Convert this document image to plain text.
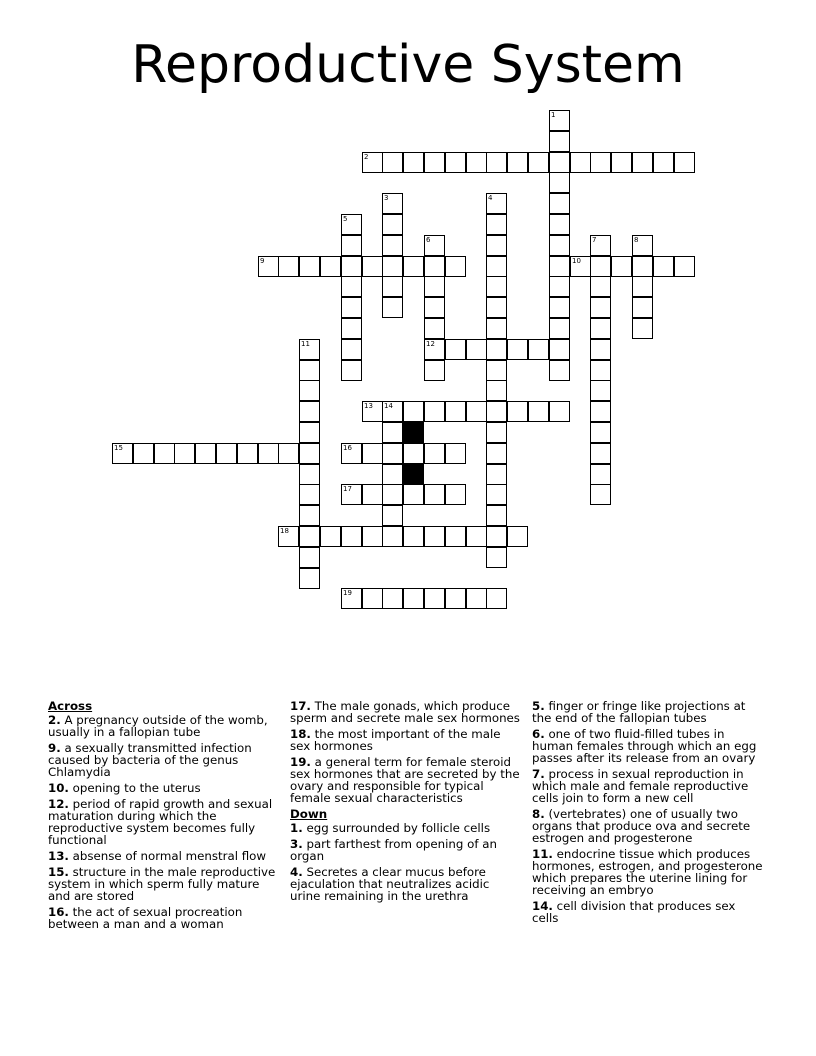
Reproductive System
1
2
3	4
5
6
12
7	8
9	10
11
13 14
15	16
17
18
19
Across
2. A pregnancy outside of the womb, usually in a fallopian tube
9. a sexually transmitted infection caused by bacteria of the genus Chlamydia
10. opening to the uterus
12. period of rapid growth and sexual maturation during which the reproductive system becomes fully functional
13. absense of normal menstral flow
15. structure in the male reproductive system in which sperm fully mature and are stored
16. the act of sexual procreation between a man and a woman
17. The male gonads, which produce sperm and secrete male sex hormones
18. the most important of the male sex hormones
19. a general term for female steroid sex hormones that are secreted by the ovary and responsible for typical female sexual characteristics
Down
1. egg surrounded by follicle cells
3. part farthest from opening of an organ
4. Secretes a clear mucus before ejaculation that neutralizes acidic urine remaining in the urethra
5. finger or fringe like projections at the end of the fallopian tubes
6. one of two fluid-filled tubes in human females through which an egg passes after its release from an ovary
7. process in sexual reproduction in which male and female reproductive cells join to form a new cell
8. (vertebrates) one of usually two organs that produce ova and secrete estrogen and progesterone
11. endocrine tissue which produces hormones, estrogen, and progesterone which prepares the uterine lining for receiving an embryo
14. cell division that produces sex cells
